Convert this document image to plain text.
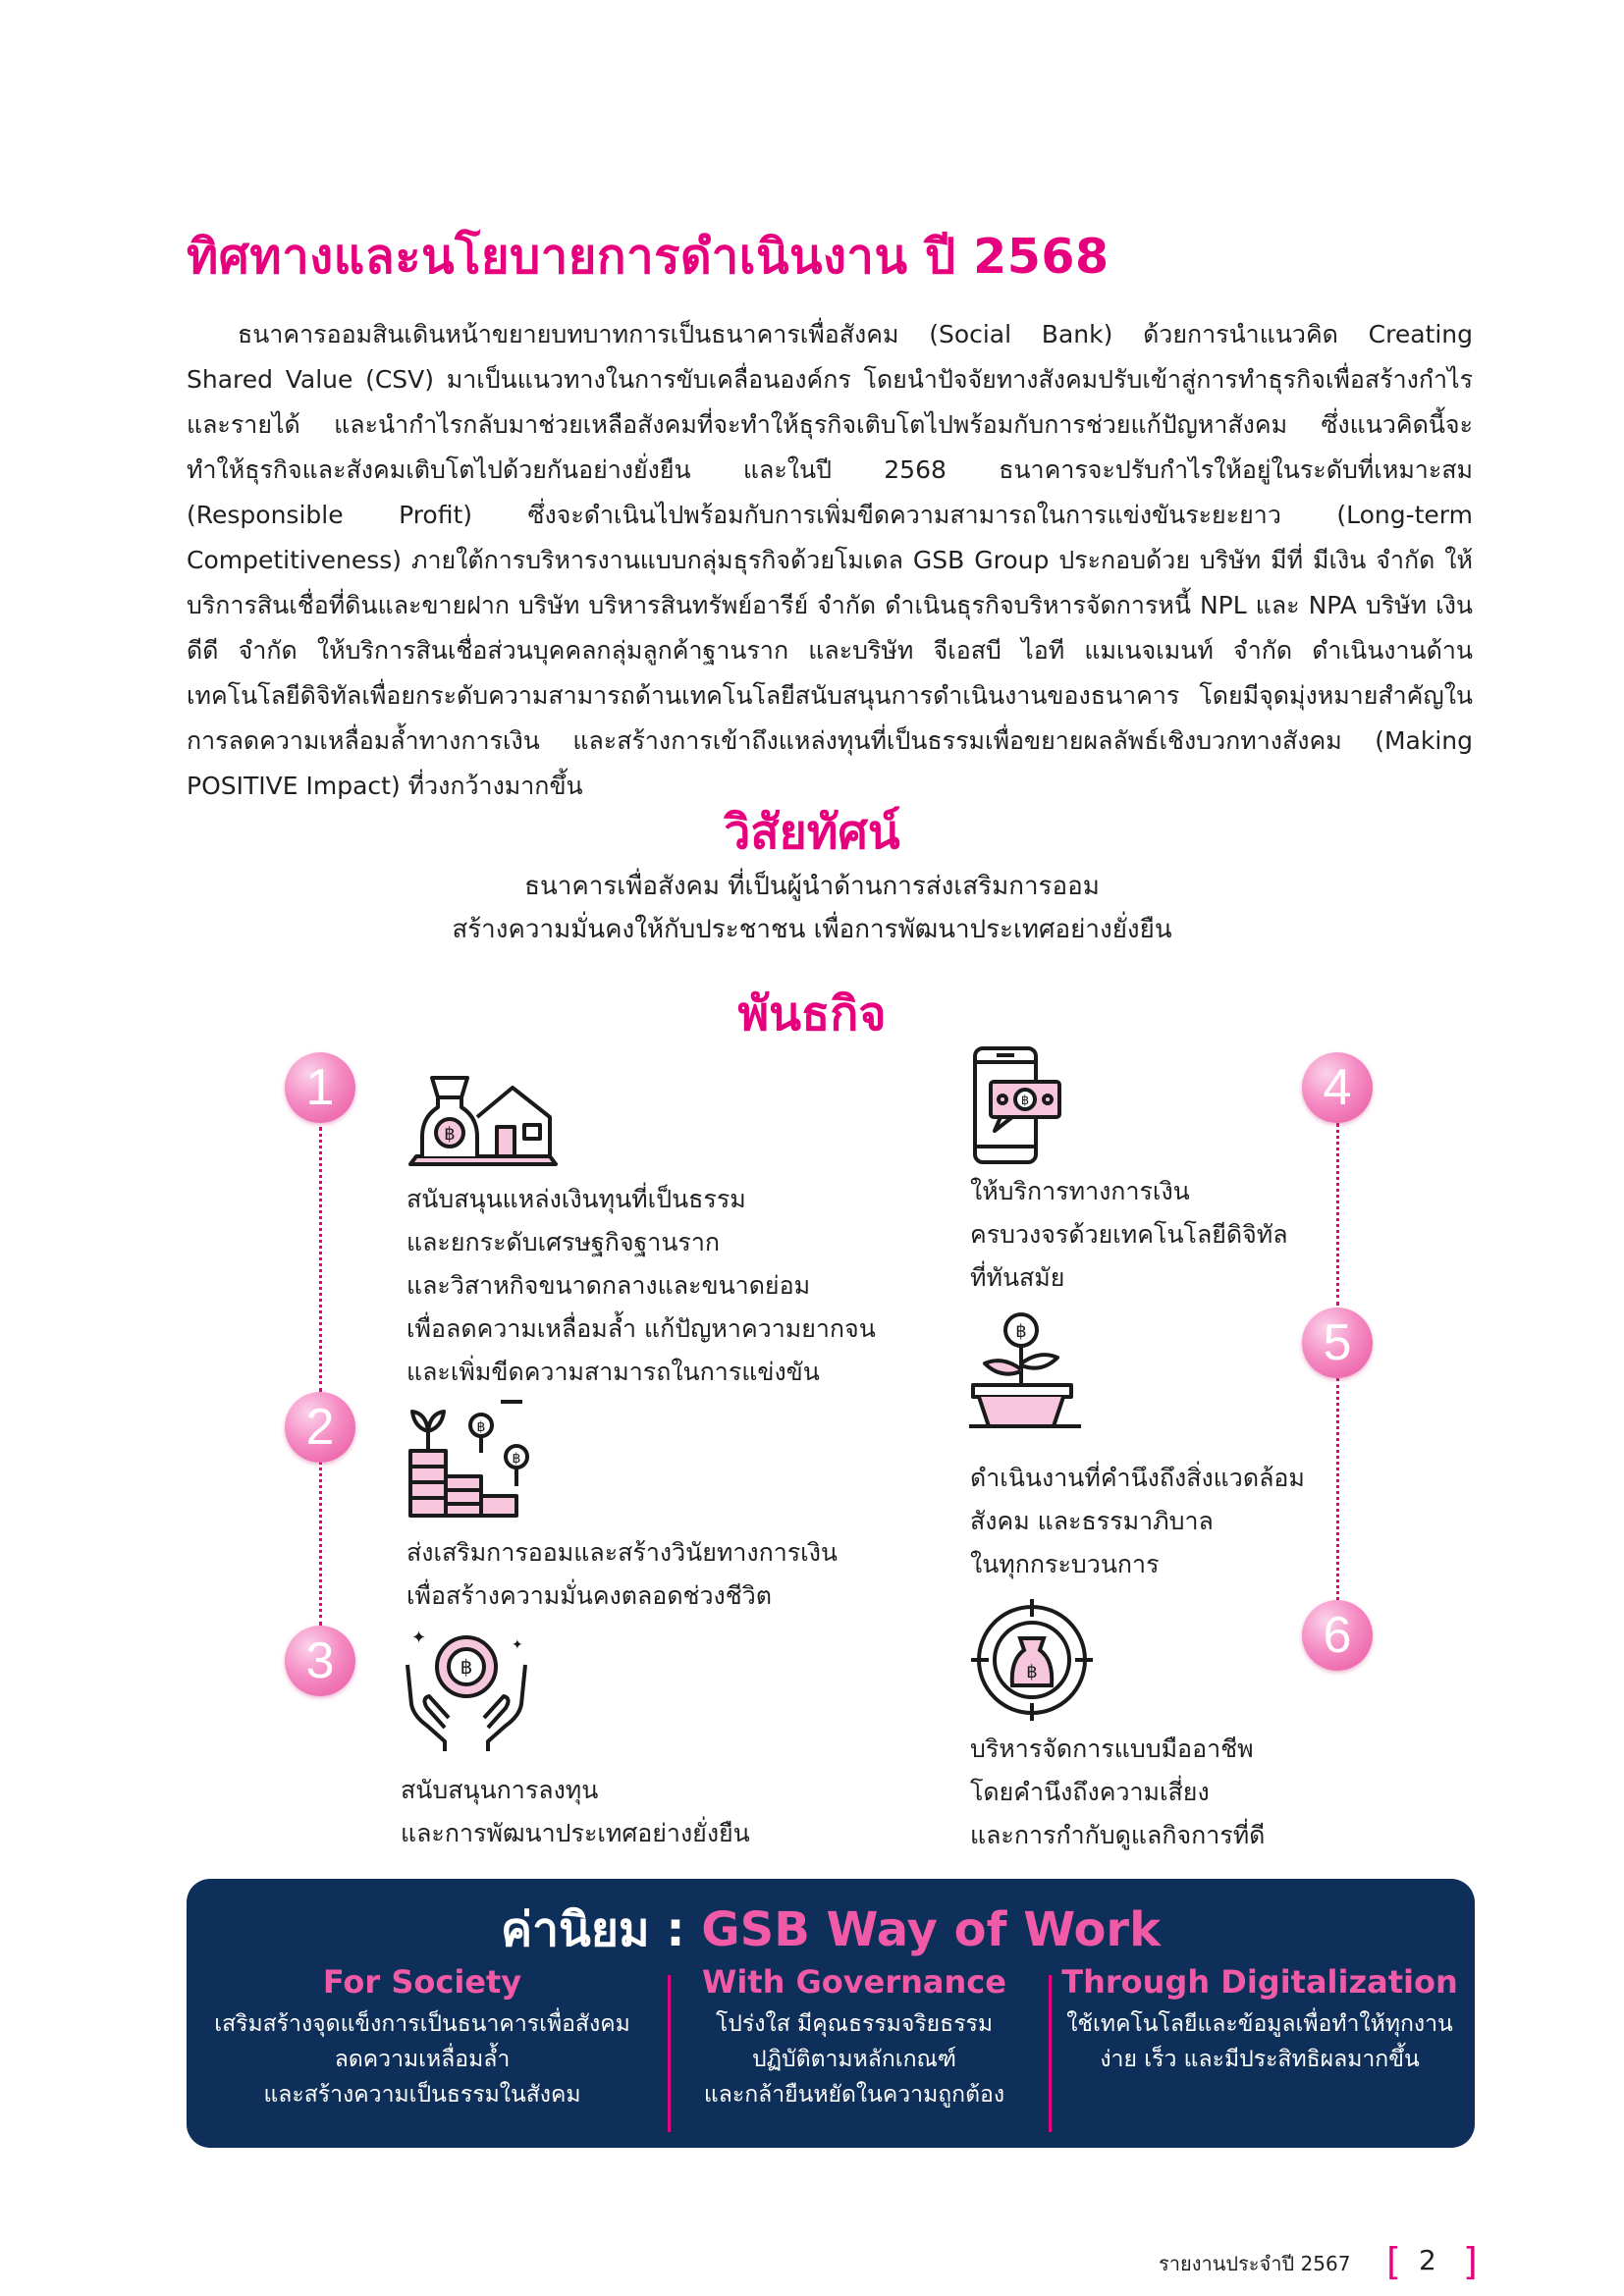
ทิศทางและนโยบายการดำเนินงาน ปี 2568

ธนาคารออมสินเดินหน้าขยายบทบาทการเป็นธนาคารเพื่อสังคม (Social Bank) ด้วยการนำแนวคิด Creating Shared Value (CSV) มาเป็นแนวทางในการขับเคลื่อนองค์กร โดยนำปัจจัยทางสังคมปรับเข้าสู่การทำธุรกิจเพื่อสร้างกำไรและรายได้ และนำกำไรกลับมาช่วยเหลือสังคมที่จะทำให้ธุรกิจเติบโตไปพร้อมกับการช่วยแก้ปัญหาสังคม ซึ่งแนวคิดนี้จะทำให้ธุรกิจและสังคมเติบโตไปด้วยกันอย่างยั่งยืน และในปี 2568 ธนาคารจะปรับกำไรให้อยู่ในระดับที่เหมาะสม (Responsible Profit) ซึ่งจะดำเนินไปพร้อมกับการเพิ่มขีดความสามารถในการแข่งขันระยะยาว (Long-term Competitiveness) ภายใต้การบริหารงานแบบกลุ่มธุรกิจด้วยโมเดล GSB Group ประกอบด้วย บริษัท มีที่ มีเงิน จำกัด ให้บริการสินเชื่อที่ดินและขายฝาก บริษัท บริหารสินทรัพย์อารีย์ จำกัด ดำเนินธุรกิจบริหารจัดการหนี้ NPL และ NPA บริษัท เงินดีดี จำกัด ให้บริการสินเชื่อส่วนบุคคลกลุ่มลูกค้าฐานราก และบริษัท จีเอสบี ไอที แมเนจเมนท์ จำกัด ดำเนินงานด้านเทคโนโลยีดิจิทัลเพื่อยกระดับความสามารถด้านเทคโนโลยีสนับสนุนการดำเนินงานของธนาคาร โดยมีจุดมุ่งหมายสำคัญในการลดความเหลื่อมล้ำทางการเงิน และสร้างการเข้าถึงแหล่งทุนที่เป็นธรรมเพื่อขยายผลลัพธ์เชิงบวกทางสังคม (Making POSITIVE Impact) ที่วงกว้างมากขึ้น

วิสัยทัศน์
ธนาคารเพื่อสังคม ที่เป็นผู้นำด้านการส่งเสริมการออม
สร้างความมั่นคงให้กับประชาชน เพื่อการพัฒนาประเทศอย่างยั่งยืน
พันธกิจ
1
2
3
4
5
6
฿
฿
฿
฿
✦	✦
฿
฿
฿

สนับสนุนแหล่งเงินทุนที่เป็นธรรม
และยกระดับเศรษฐกิจฐานราก
และวิสาหกิจขนาดกลางและขนาดย่อม
เพื่อลดความเหลื่อมล้ำ แก้ปัญหาความยากจน
และเพิ่มขีดความสามารถในการแข่งขัน

ส่งเสริมการออมและสร้างวินัยทางการเงิน
เพื่อสร้างความมั่นคงตลอดช่วงชีวิต

สนับสนุนการลงทุน
และการพัฒนาประเทศอย่างยั่งยืน

ให้บริการทางการเงิน
ครบวงจรด้วยเทคโนโลยีดิจิทัล
ที่ทันสมัย

ดำเนินงานที่คำนึงถึงสิ่งแวดล้อม
สังคม และธรรมาภิบาล
ในทุกกระบวนการ

บริหารจัดการแบบมืออาชีพ
โดยคำนึงถึงความเสี่ยง
และการกำกับดูแลกิจการที่ดี

ค่านิยม : GSB Way of Work
For Society

เสริมสร้างจุดแข็งการเป็นธนาคารเพื่อสังคม
ลดความเหลื่อมล้ำ
และสร้างความเป็นธรรมในสังคม

With Governance

โปร่งใส มีคุณธรรมจริยธรรม
ปฏิบัติตามหลักเกณฑ์
และกล้ายืนหยัดในความถูกต้อง

Through Digitalization

ใช้เทคโนโลยีและข้อมูลเพื่อทำให้ทุกงาน
ง่าย เร็ว และมีประสิทธิผลมากขึ้น

รายงานประจำปี 2567 [ 2 ]
